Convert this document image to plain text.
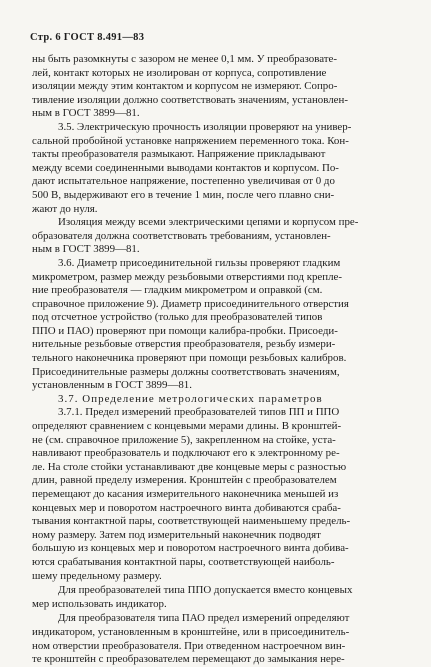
Стр. 6 ГОСТ 8.491—83
ны быть разомкнуты с зазором не менее 0,1 мм. У преобразовате-
лей, контакт которых не изолирован от корпуса, сопротивление
изоляции между этим контактом и корпусом не измеряют. Сопро-
тивление изоляции должно соответствовать значениям, установлен-
ным в ГОСТ 3899—81.
3.5. Электрическую прочность изоляции проверяют на универ-
сальной пробойной установке напряжением переменного тока. Кон-
такты преобразователя размыкают. Напряжение прикладывают
между всеми соединенными выводами контактов и корпусом. По-
дают испытательное напряжение, постепенно увеличивая от 0 до
500 В, выдерживают его в течение 1 мин, после чего плавно сни-
жают до нуля.
Изоляция между всеми электрическими цепями и корпусом пре-
образователя должна соответствовать требованиям, установлен-
ным в ГОСТ 3899—81.
3.6. Диаметр присоединительной гильзы проверяют гладким
микрометром, размер между резьбовыми отверстиями под крепле-
ние преобразователя — гладким микрометром и оправкой (см.
справочное приложение 9). Диаметр присоединительного отверстия
под отсчетное устройство (только для преобразователей типов
ППО и ПАО) проверяют при помощи калибра-пробки. Присоеди-
нительные резьбовые отверстия преобразователя, резьбу измери-
тельного наконечника проверяют при помощи резьбовых калибров.
Присоединительные размеры должны соответствовать значениям,
установленным в ГОСТ 3899—81.
3.7. Определение метрологических параметров
3.7.1. Предел измерений преобразователей типов ПП и ППО
определяют сравнением с концевыми мерами длины. В кронштей-
не (см. справочное приложение 5), закрепленном на стойке, уста-
навливают преобразователь и подключают его к электронному ре-
ле. На столе стойки устанавливают две концевые меры с разностью
длин, равной пределу измерения. Кронштейн с преобразователем
перемещают до касания измерительного наконечника меньшей из
концевых мер и поворотом настроечного винта добиваются сраба-
тывания контактной пары, соответствующей наименьшему предель-
ному размеру. Затем под измерительный наконечник подводят
большую из концевых мер и поворотом настроечного винта добива-
ются срабатывания контактной пары, соответствующей наиболь-
шему предельному размеру.
Для преобразователей типа ППО допускается вместо концевых
мер использовать индикатор.
Для преобразователя типа ПАО предел измерений определяют
индикатором, установленным в кронштейне, или в присоединитель-
ном отверстии преобразователя. При отведенном настроечном вин-
те кронштейн с преобразователем перемещают до замыкания нере-
